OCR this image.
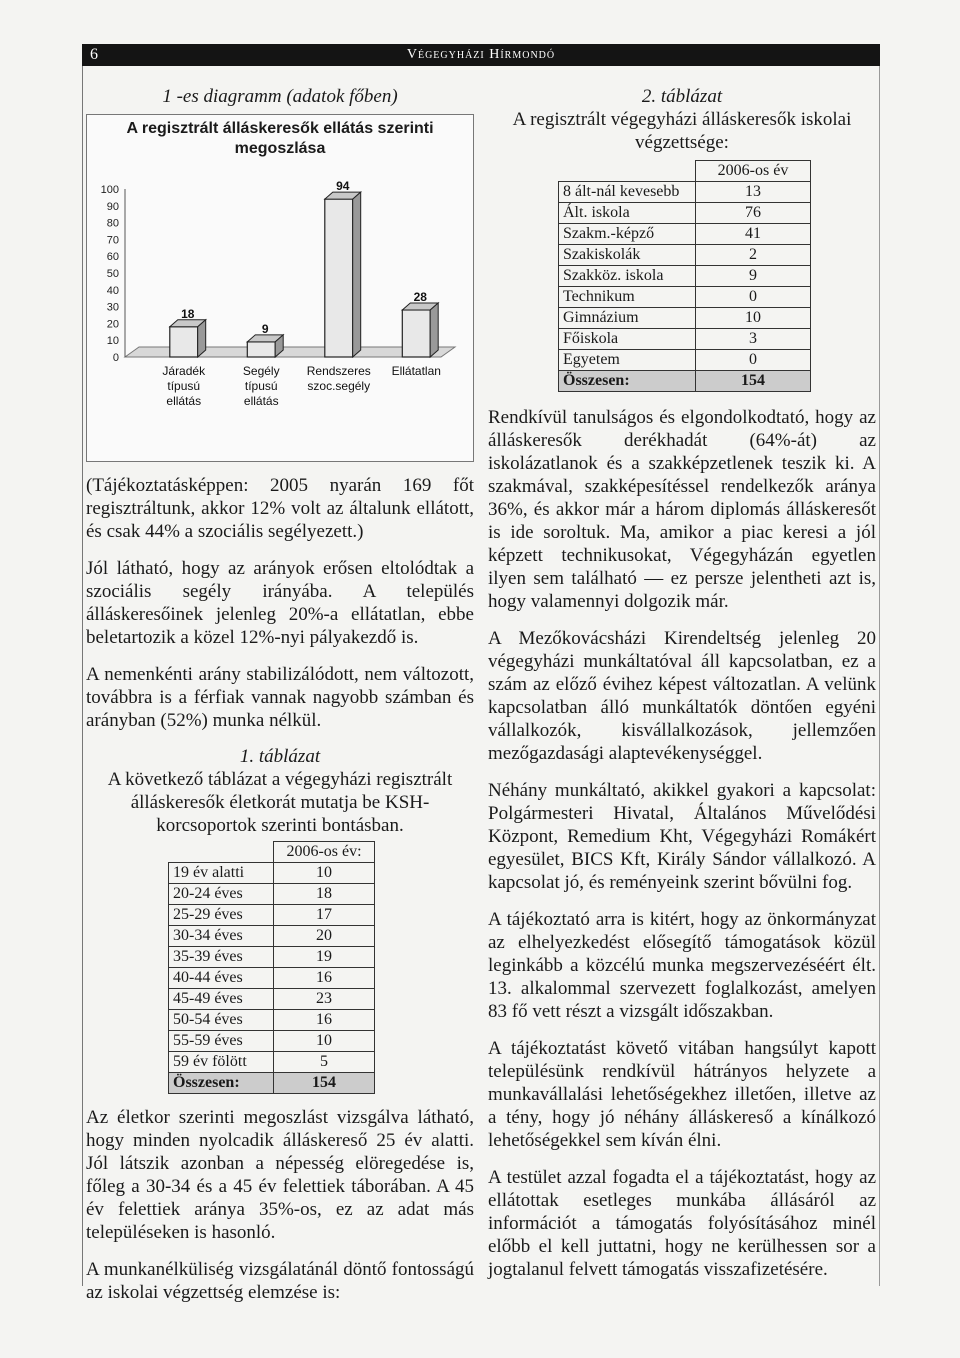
6	Végegyházi Hírmondó
1 -es diagramm (adatok főben)
A regisztrált álláskeresők ellátás szerinti megoszlása
0
10
20
30
40
50
60
70
80
90
100
18
Járadék
típusú
ellátás
9
Segély
típusú
ellátás
94
Rendszeres
szoc.segély
28
Ellátatlan

(Tájékoztatásképpen: 2005 nyarán 169 főt regisztráltunk, akkor 12% volt az általunk ellátott, és csak 44% a szociális segélyezett.)

Jól látható, hogy az arányok erősen eltolódtak a szociális segély irányába. A település álláskeresőinek jelenleg 20%-a ellátatlan, ebbe beletartozik a közel 12%-nyi pályakezdő is.

A nemenkénti arány stabilizálódott, nem változott, továbbra is a férfiak vannak nagyobb számban és arányban (52%) munka nélkül.

1. táblázat
A következő táblázat a végegyházi regisztrált álláskeresők életkorát mutatja be KSH-korcsoportok szerinti bontásban.
	2006-os év:
19 év alatti	10
20-24 éves	18
25-29 éves	17
30-34 éves	20
35-39 éves	19
40-44 éves	16
45-49 éves	23
50-54 éves	16
55-59 éves	10
59 év fölött	5
Összesen:	154

Az életkor szerinti megoszlást vizsgálva látható, hogy minden nyolcadik álláskereső 25 év alatti. Jól látszik azonban a népesség elöregedése is, főleg a 30-34 és a 45 év felettiek táborában. A 45 év felettiek aránya 35%-os, ez az adat más településeken is hasonló.

A munkanélküliség vizsgálatánál döntő fontosságú az iskolai végzettség elemzése is:

2. táblázat
A regisztrált végegyházi álláskeresők iskolai végzettsége:
	2006-os év
8 ált-nál kevesebb	13
Ált. iskola	76
Szakm.-képző	41
Szakiskolák	2
Szakköz. iskola	9
Technikum	0
Gimnázium	10
Főiskola	3
Egyetem	0
Összesen:	154

Rendkívül tanulságos és elgondolkodtató, hogy az álláskeresők derékhadát (64%-át) az iskolázatlanok és a szakképzetlenek teszik ki. A szakmával, szakképesítéssel rendelkezők aránya 36%, és akkor már a három diplomás álláskeresőt is ide soroltuk. Ma, amikor a piac keresi a jól képzett technikusokat, Végegyházán egyetlen ilyen sem található — ez persze jelentheti azt is, hogy valamennyi dolgozik már.

A Mezőkovácsházi Kirendeltség jelenleg 20 végegyházi munkáltatóval áll kapcsolatban, ez a szám az előző évihez képest változatlan. A velünk kapcsolatban álló munkáltatók döntően egyéni vállalkozók, kisvállalkozások, jellemzően mezőgazdasági alaptevékenységgel.

Néhány munkáltató, akikkel gyakori a kapcsolat: Polgármesteri Hivatal, Általános Művelődési Központ, Remedium Kht, Végegyházi Romákért egyesület, BICS Kft, Király Sándor vállalkozó. A kapcsolat jó, és reményeink szerint bővülni fog.

A tájékoztató arra is kitért, hogy az önkormányzat az elhelyezkedést elősegítő támogatások közül leginkább a közcélú munka megszervezéséért élt. 13. alkalommal szervezett foglalkozást, amelyen 83 fő vett részt a vizsgált időszakban.

A tájékoztatást követő vitában hangsúlyt kapott településünk rendkívül hátrányos helyzete a munkavállalási lehetőségekhez illetően, illetve az a tény, hogy jó néhány álláskereső a kínálkozó lehetőségekkel sem kíván élni.

A testület azzal fogadta el a tájékoztatást, hogy az ellátottak esetleges munkába állásáról az információt a támogatás folyósításához minél előbb el kell juttatni, hogy ne kerülhessen sor a jogtalanul felvett támogatás visszafizetésére.
